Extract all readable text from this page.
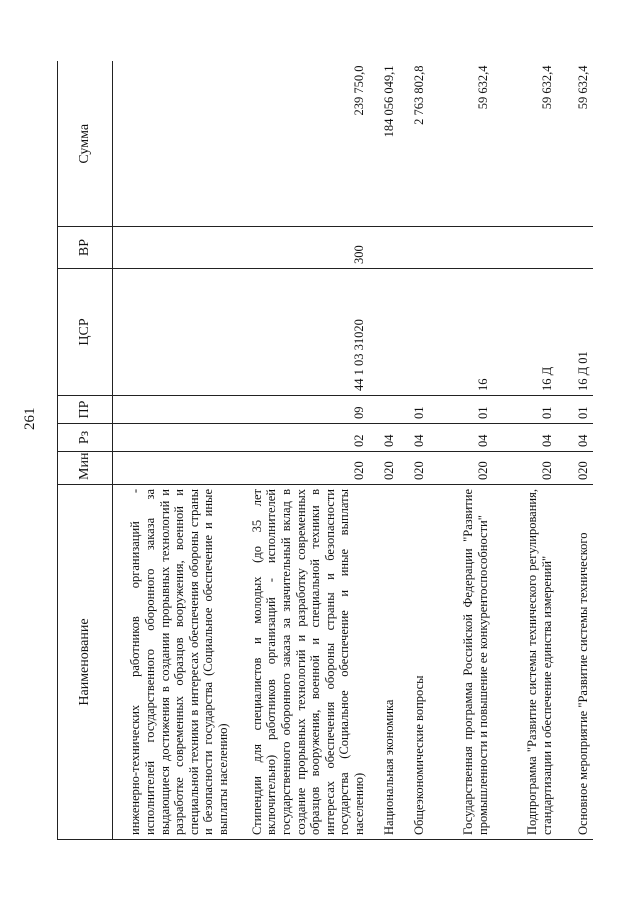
261
Наименование	Мин	Рз	ПР	ЦСР	ВР	Сумма
инженерно-технических работников организаций - исполнителей государственного оборонного заказа за выдающиеся достижения в создании прорывных технологий и разработке современных образцов вооружения, военной и специальной техники в интересах обеспечения обороны страны и безопасности государства (Социальное обеспечение и иные выплаты населению)						
Стипендии для специалистов и молодых (до 35 лет включительно) работников организаций - исполнителей государственного оборонного заказа за значительный вклад в создание прорывных технологий и разработку современных образцов вооружения, военной и специальной техники в интересах обеспечения обороны страны и безопасности государства (Социальное обеспечение и иные выплаты населению)	020	02	09	44 1 03 31020	300	239 750,0
Национальная экономика	020	04				184 056 049,1
Общеэкономические вопросы	020	04	01			2 763 802,8
Государственная программа Российской Федерации "Развитие промышленности и повышение ее конкурентоспособности"	020	04	01	16		59 632,4
Подпрограмма "Развитие системы технического регулирования, стандартизации и обеспечение единства измерений"	020	04	01	16 Д		59 632,4
Основное мероприятие "Развитие системы технического	020	04	01	16 Д 01		59 632,4
